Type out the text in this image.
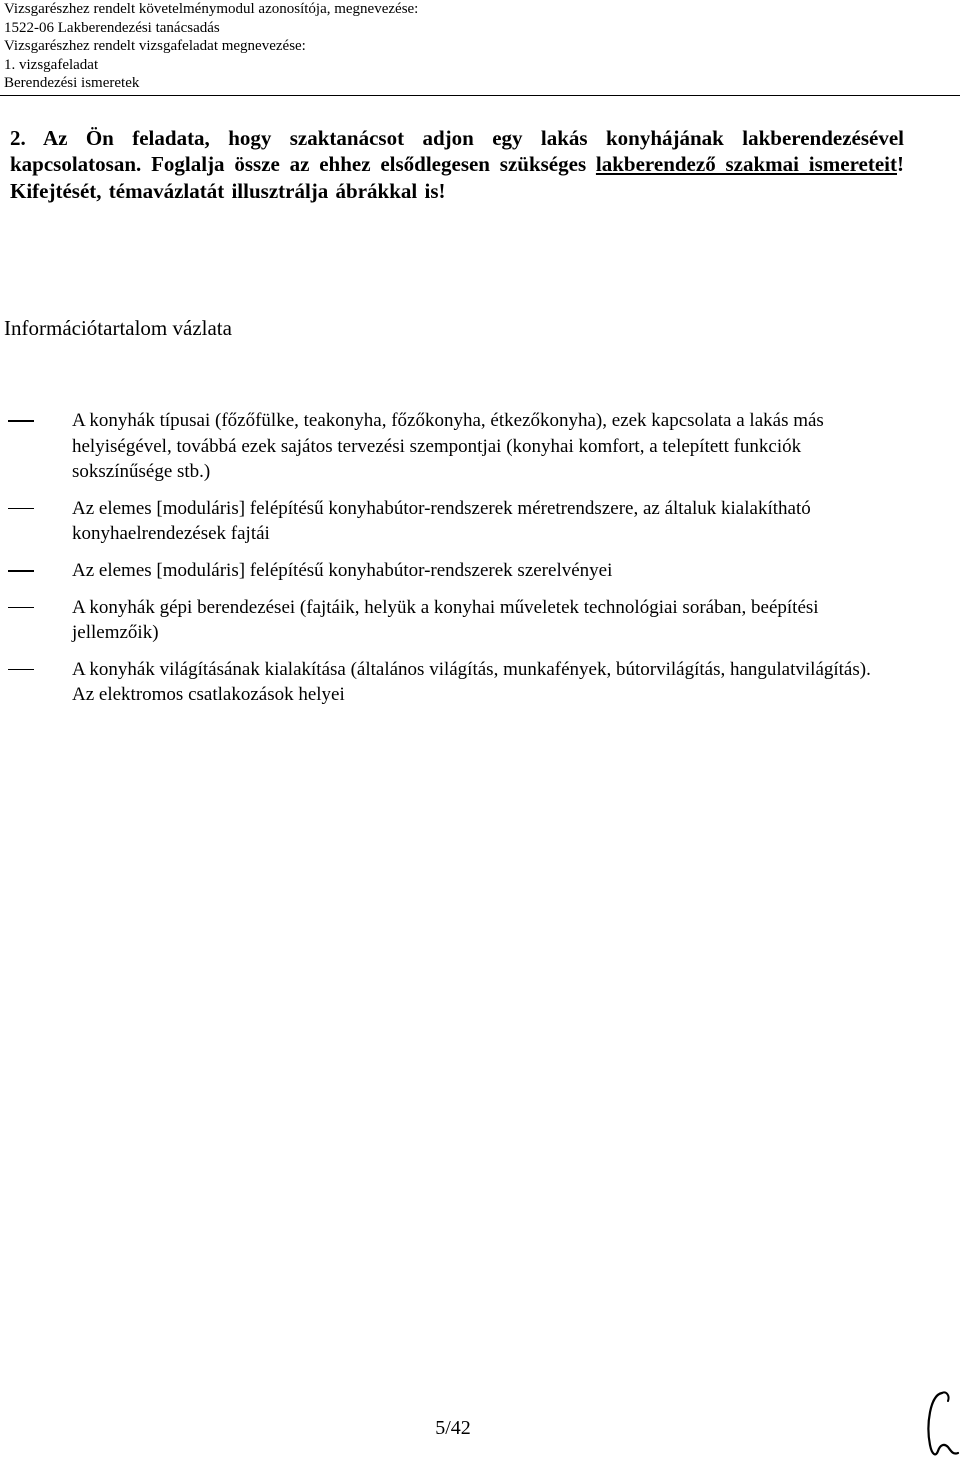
Vizsgarészhez rendelt követelménymodul azonosítója, megnevezése:
1522-06 Lakberendezési tanácsadás
Vizsgarészhez rendelt vizsgafeladat megnevezése:
1. vizsgafeladat
Berendezési ismeretek
2. Az Ön feladata, hogy szaktanácsot adjon egy lakás konyhájának lakberendezésével kapcsolatosan. Foglalja össze az ehhez elsődlegesen szükséges lakberendező szakmai ismereteit! Kifejtését, témavázlatát illusztrálja ábrákkal is!
Információtartalom vázlata
A konyhák típusai (főzőfülke, teakonyha, főzőkonyha, étkezőkonyha), ezek kapcsolata a lakás más helyiségével, továbbá ezek sajátos tervezési szempontjai (konyhai komfort, a telepített funkciók sokszínűsége stb.)
Az elemes [moduláris] felépítésű konyhabútor-rendszerek méretrendszere, az általuk kialakítható konyhaelrendezések fajtái
Az elemes [moduláris] felépítésű konyhabútor-rendszerek szerelvényei
A konyhák gépi berendezései (fajtáik, helyük a konyhai műveletek technológiai sorában, beépítési jellemzőik)
A konyhák világításának kialakítása (általános világítás, munkafények, bútorvilágítás, hangulatvilágítás). Az elektromos csatlakozások helyei
5/42
